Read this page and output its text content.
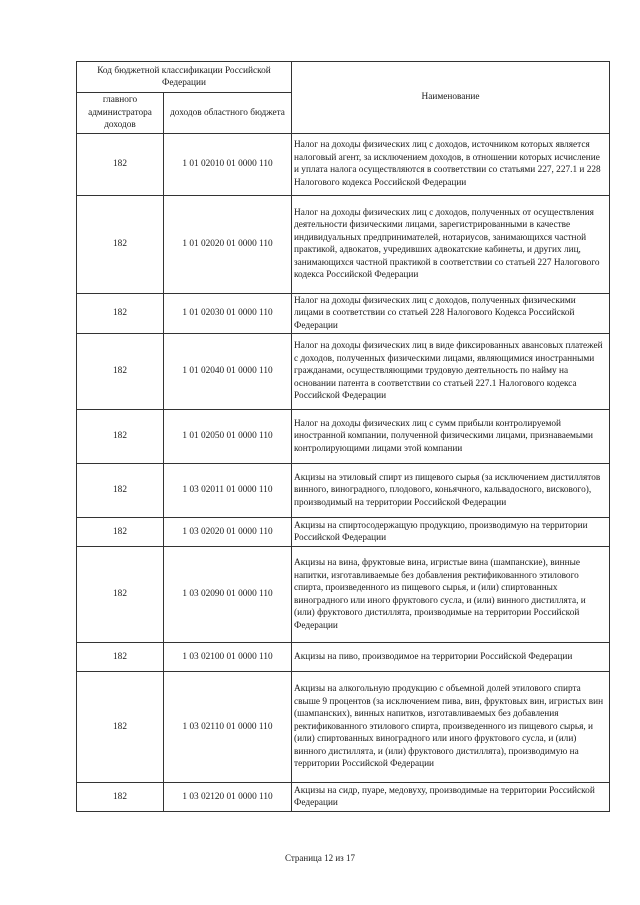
Код бюджетной классификации Российской Федерации		Наименование
главного администратора доходов	доходов областного бюджета	
182	1 01 02010 01 0000 110	Налог на доходы физических лиц с доходов, источником которых является налоговый агент, за исключением доходов, в отношении которых исчисление и уплата налога осуществляются в соответствии со статьями 227, 227.1 и 228 Налогового кодекса Российской Федерации
182	1 01 02020 01 0000 110	Налог на доходы физических лиц с доходов, полученных от осуществления деятельности физическими лицами, зарегистрированными в качестве индивидуальных предпринимателей, нотариусов, занимающихся частной практикой, адвокатов, учредивших адвокатские кабинеты, и других лиц, занимающихся частной практикой в соответствии со статьей 227 Налогового кодекса Российской Федерации
182	1 01 02030 01 0000 110	Налог на доходы физических лиц с доходов, полученных физическими лицами в соответствии со статьей 228 Налогового Кодекса Российской Федерации
182	1 01 02040 01 0000 110	Налог на доходы физических лиц в виде фиксированных авансовых платежей с доходов, полученных физическими лицами, являющимися иностранными гражданами, осуществляющими трудовую деятельность по найму на основании патента в соответствии со статьей 227.1 Налогового кодекса Российской Федерации
182	1 01 02050 01 0000 110	Налог на доходы физических лиц с сумм прибыли контролируемой иностранной компании, полученной физическими лицами, признаваемыми контролирующими лицами этой компании
182	1 03 02011 01 0000 110	Акцизы на этиловый спирт из пищевого сырья (за исключением дистиллятов винного, виноградного, плодового, коньячного, кальвадосного, вискового), производимый на территории Российской Федерации
182	1 03 02020 01 0000 110	Акцизы на спиртосодержащую продукцию, производимую на территории Российской Федерации
182	1 03 02090 01 0000 110	Акцизы на вина, фруктовые вина, игристые вина (шампанские), винные напитки, изготавливаемые без добавления ректификованного этилового спирта, произведенного из пищевого сырья, и (или) спиртованных виноградного или иного фруктового сусла, и (или) винного дистиллята, и (или) фруктового дистиллята, производимые на территории Российской Федерации
182	1 03 02100 01 0000 110	Акцизы на пиво, производимое на территории Российской Федерации
182	1 03 02110 01 0000 110	Акцизы на алкогольную продукцию с объемной долей этилового спирта свыше 9 процентов (за исключением пива, вин, фруктовых вин, игристых вин (шампанских), винных напитков, изготавливаемых без добавления ректификованного этилового спирта, произведенного из пищевого сырья, и (или) спиртованных виноградного или иного фруктового сусла, и (или) винного дистиллята, и (или) фруктового дистиллята), производимую на территории Российской Федерации
182	1 03 02120 01 0000 110	Акцизы на сидр, пуаре, медовуху, производимые на территории Российской Федерации
Страница 12 из 17
